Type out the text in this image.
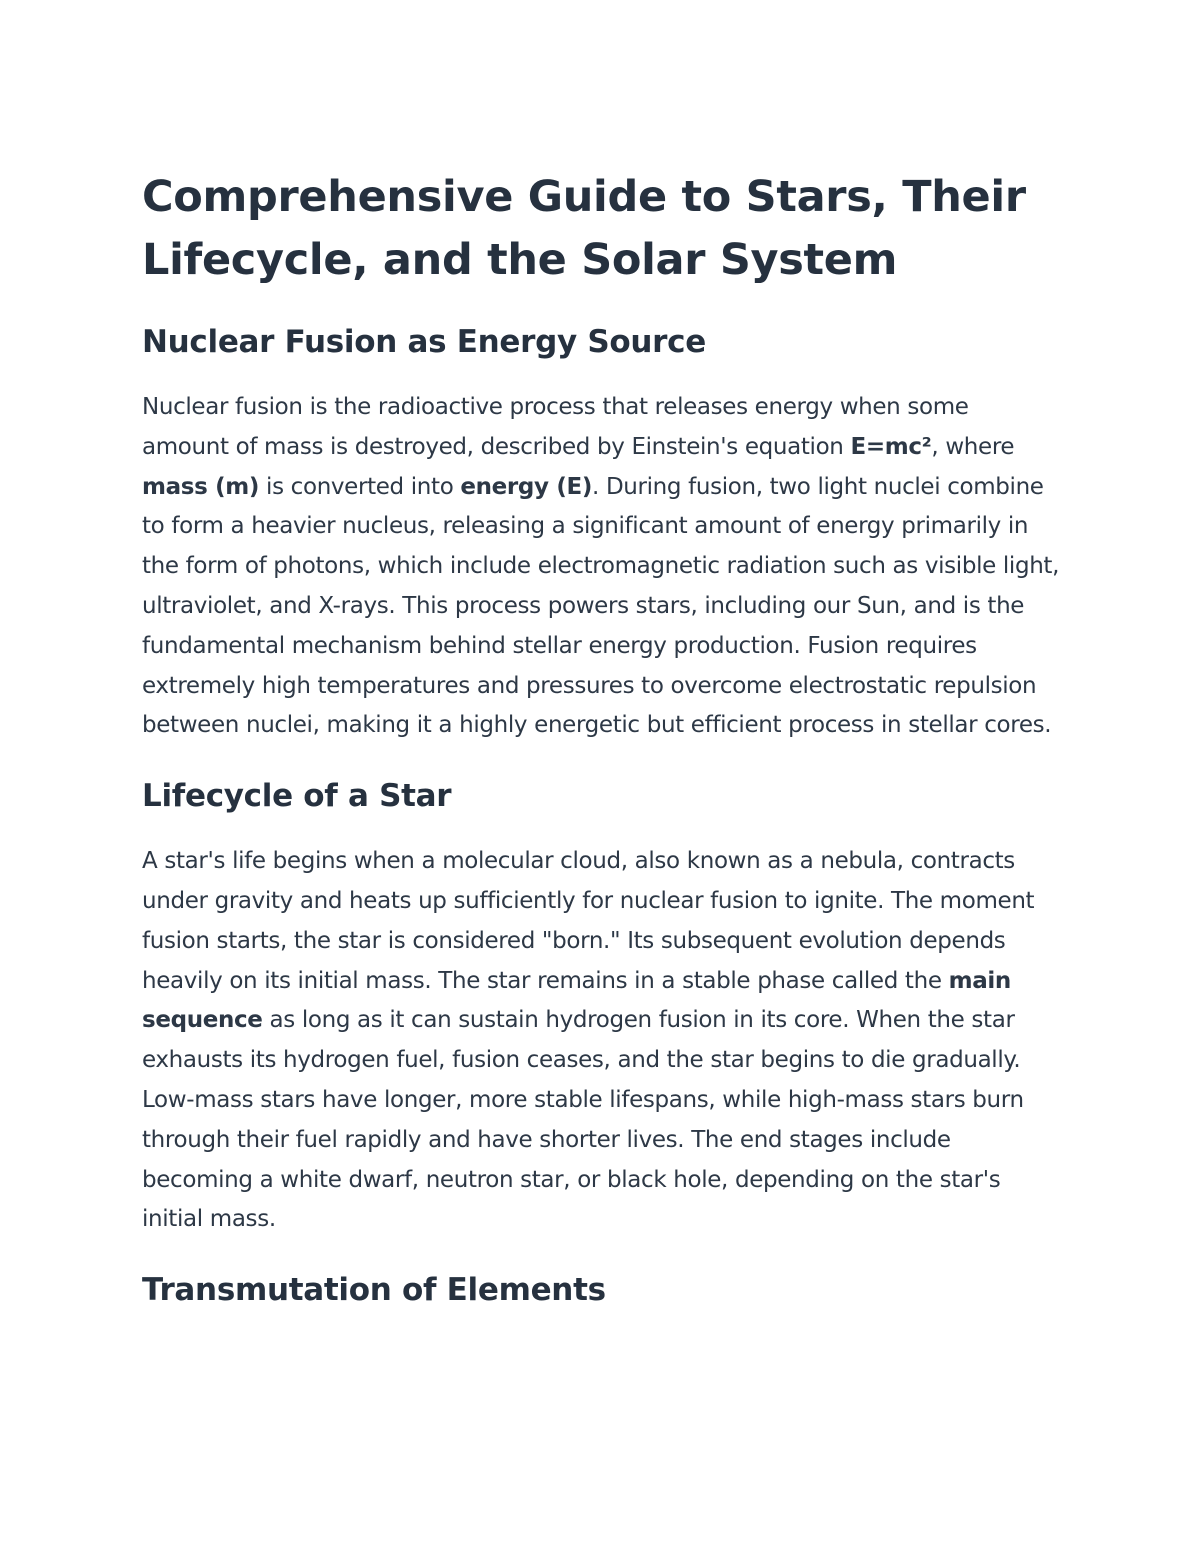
Comprehensive Guide to Stars, Their Lifecycle, and the Solar System
Nuclear Fusion as Energy Source

Nuclear fusion is the radioactive process that releases energy when some amount of mass is destroyed, described by Einstein's equation E=mc², where mass (m) is converted into energy (E). During fusion, two light nuclei combine to form a heavier nucleus, releasing a significant amount of energy primarily in the form of photons, which include electromagnetic radiation such as visible light, ultraviolet, and X-rays. This process powers stars, including our Sun, and is the fundamental mechanism behind stellar energy production. Fusion requires extremely high temperatures and pressures to overcome electrostatic repulsion between nuclei, making it a highly energetic but efficient process in stellar cores.

Lifecycle of a Star

A star's life begins when a molecular cloud, also known as a nebula, contracts under gravity and heats up sufficiently for nuclear fusion to ignite. The moment fusion starts, the star is considered "born." Its subsequent evolution depends heavily on its initial mass. The star remains in a stable phase called the main sequence as long as it can sustain hydrogen fusion in its core. When the star exhausts its hydrogen fuel, fusion ceases, and the star begins to die gradually. Low-mass stars have longer, more stable lifespans, while high-mass stars burn through their fuel rapidly and have shorter lives. The end stages include becoming a white dwarf, neutron star, or black hole, depending on the star's initial mass.

Transmutation of Elements
